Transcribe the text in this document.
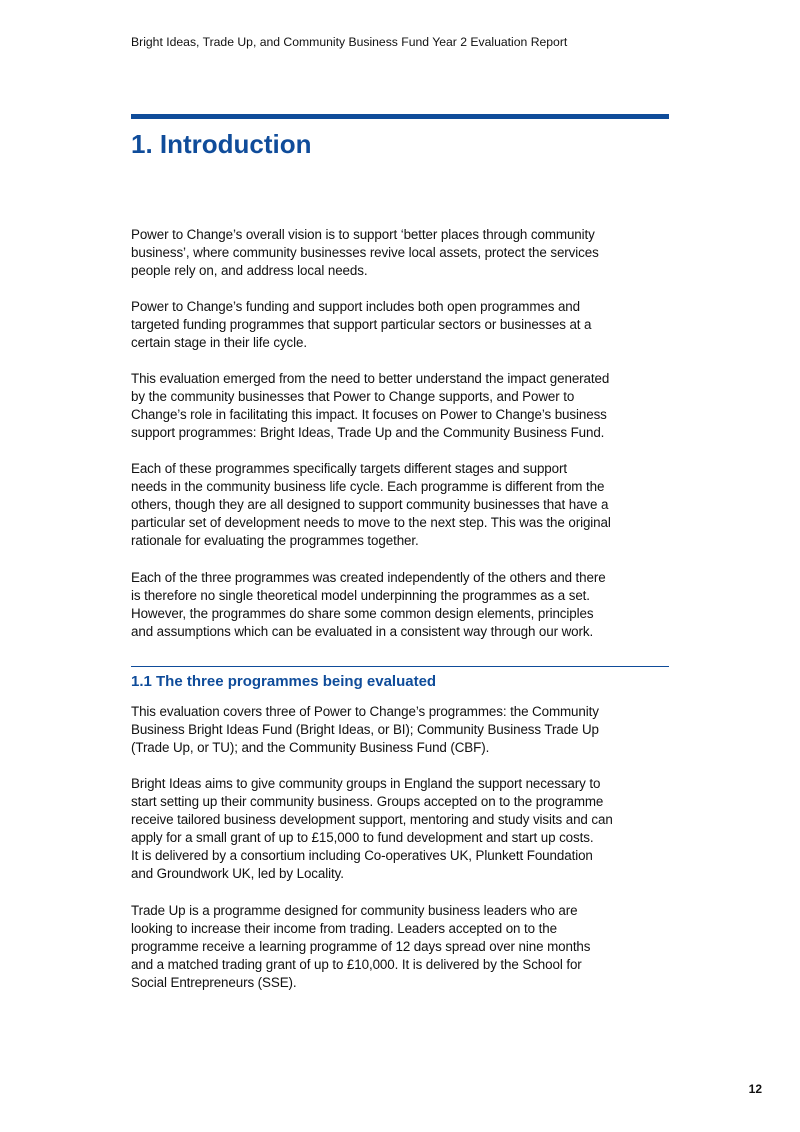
Bright Ideas, Trade Up, and Community Business Fund Year 2 Evaluation Report
1. Introduction

Power to Change’s overall vision is to support ‘better places through community
business’, where community businesses revive local assets, protect the services
people rely on, and address local needs.

Power to Change’s funding and support includes both open programmes and
targeted funding programmes that support particular sectors or businesses at a
certain stage in their life cycle.

This evaluation emerged from the need to better understand the impact generated
by the community businesses that Power to Change supports, and Power to
Change’s role in facilitating this impact. It focuses on Power to Change’s business
support programmes: Bright Ideas, Trade Up and the Community Business Fund.

Each of these programmes specifically targets different stages and support
needs in the community business life cycle. Each programme is different from the
others, though they are all designed to support community businesses that have a
particular set of development needs to move to the next step. This was the original
rationale for evaluating the programmes together.

Each of the three programmes was created independently of the others and there
is therefore no single theoretical model underpinning the programmes as a set.
However, the programmes do share some common design elements, principles
and assumptions which can be evaluated in a consistent way through our work.

1.1 The three programmes being evaluated

This evaluation covers three of Power to Change’s programmes: the Community
Business Bright Ideas Fund (Bright Ideas, or BI); Community Business Trade Up
(Trade Up, or TU); and the Community Business Fund (CBF).

Bright Ideas aims to give community groups in England the support necessary to
start setting up their community business. Groups accepted on to the programme
receive tailored business development support, mentoring and study visits and can
apply for a small grant of up to £15,000 to fund development and start up costs.
It is delivered by a consortium including Co-operatives UK, Plunkett Foundation
and Groundwork UK, led by Locality.

Trade Up is a programme designed for community business leaders who are
looking to increase their income from trading. Leaders accepted on to the
programme receive a learning programme of 12 days spread over nine months
and a matched trading grant of up to £10,000. It is delivered by the School for
Social Entrepreneurs (SSE).

12
